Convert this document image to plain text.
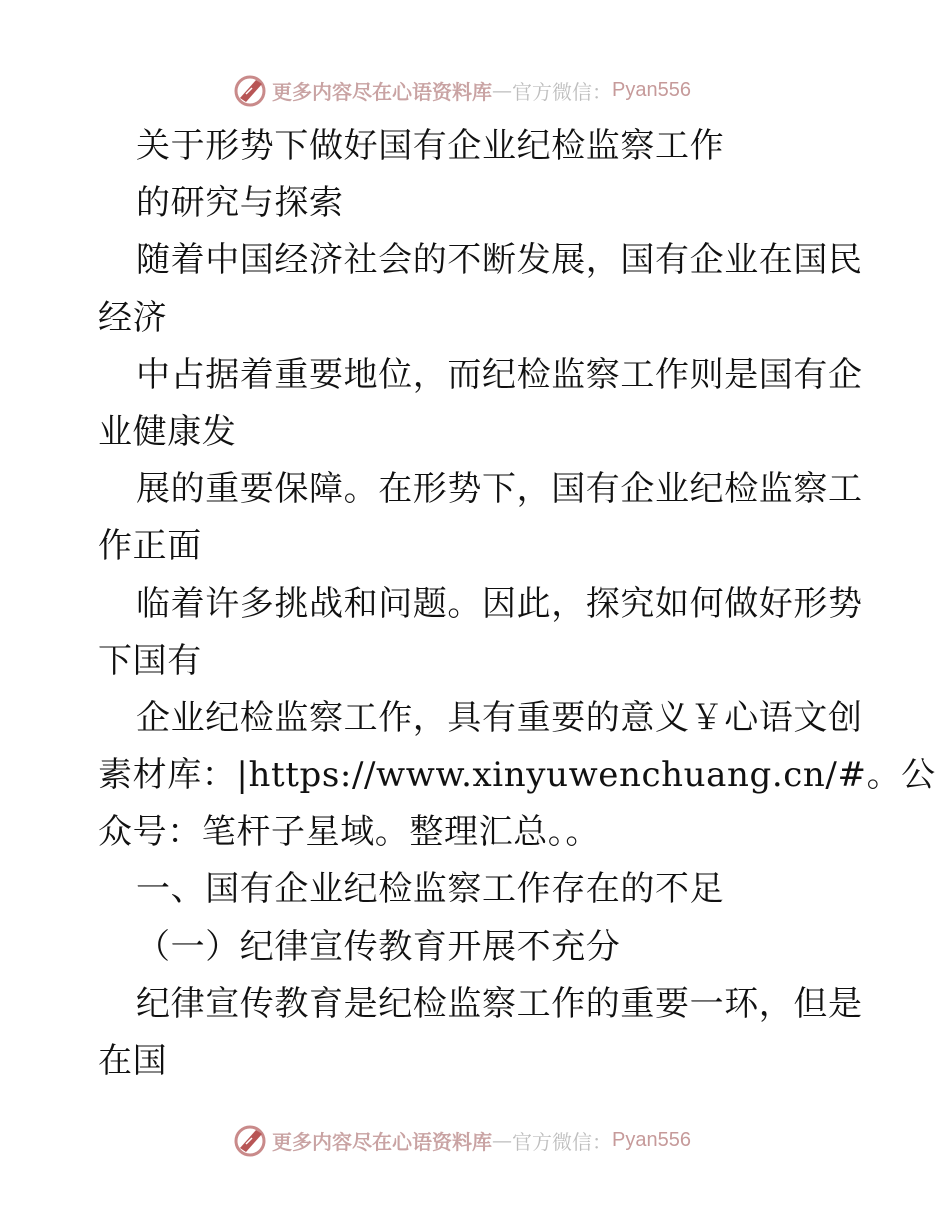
更多内容尽在心语资料库 — 官方微信： Pyan556
关于形势下做好国有企业纪检监察工作
的研究与探索
随着中国经济社会的不断发展，国有企业在国民
经济
中占据着重要地位，而纪检监察工作则是国有企
业健康发
展的重要保障。在形势下，国有企业纪检监察工
作正面
临着许多挑战和问题。因此，探究如何做好形势
下国有
企业纪检监察工作，具有重要的意义￥心语文创
素材库：|https://www.xinyuwenchuang.cn/#。公
众号：笔杆子星域。整理汇总。。
一、国有企业纪检监察工作存在的不足
（一）纪律宣传教育开展不充分
纪律宣传教育是纪检监察工作的重要一环，但是
在国
更多内容尽在心语资料库 — 官方微信： Pyan556
